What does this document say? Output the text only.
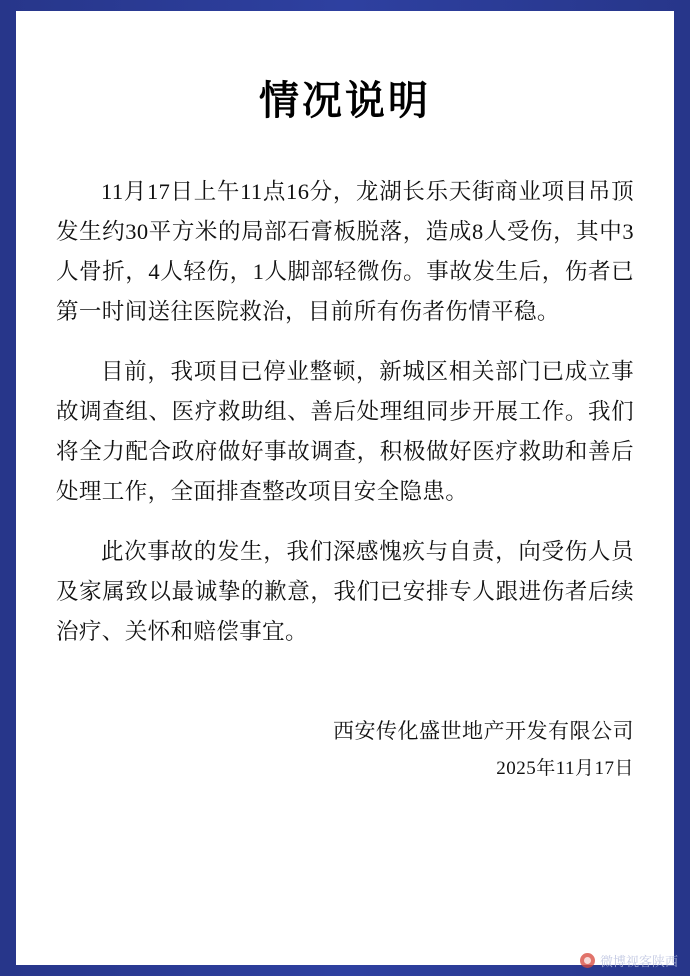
情况说明

11月17日上午11点16分，龙湖长乐天街商业项目吊顶发生约30平方米的局部石膏板脱落，造成8人受伤，其中3人骨折，4人轻伤，1人脚部轻微伤。事故发生后，伤者已第一时间送往医院救治，目前所有伤者伤情平稳。

目前，我项目已停业整顿，新城区相关部门已成立事故调查组、医疗救助组、善后处理组同步开展工作。我们将全力配合政府做好事故调查，积极做好医疗救助和善后处理工作，全面排查整改项目安全隐患。

此次事故的发生，我们深感愧疚与自责，向受伤人员及家属致以最诚挚的歉意，我们已安排专人跟进伤者后续治疗、关怀和赔偿事宜。

西安传化盛世地产开发有限公司
2025年11月17日
微博视客陕西
